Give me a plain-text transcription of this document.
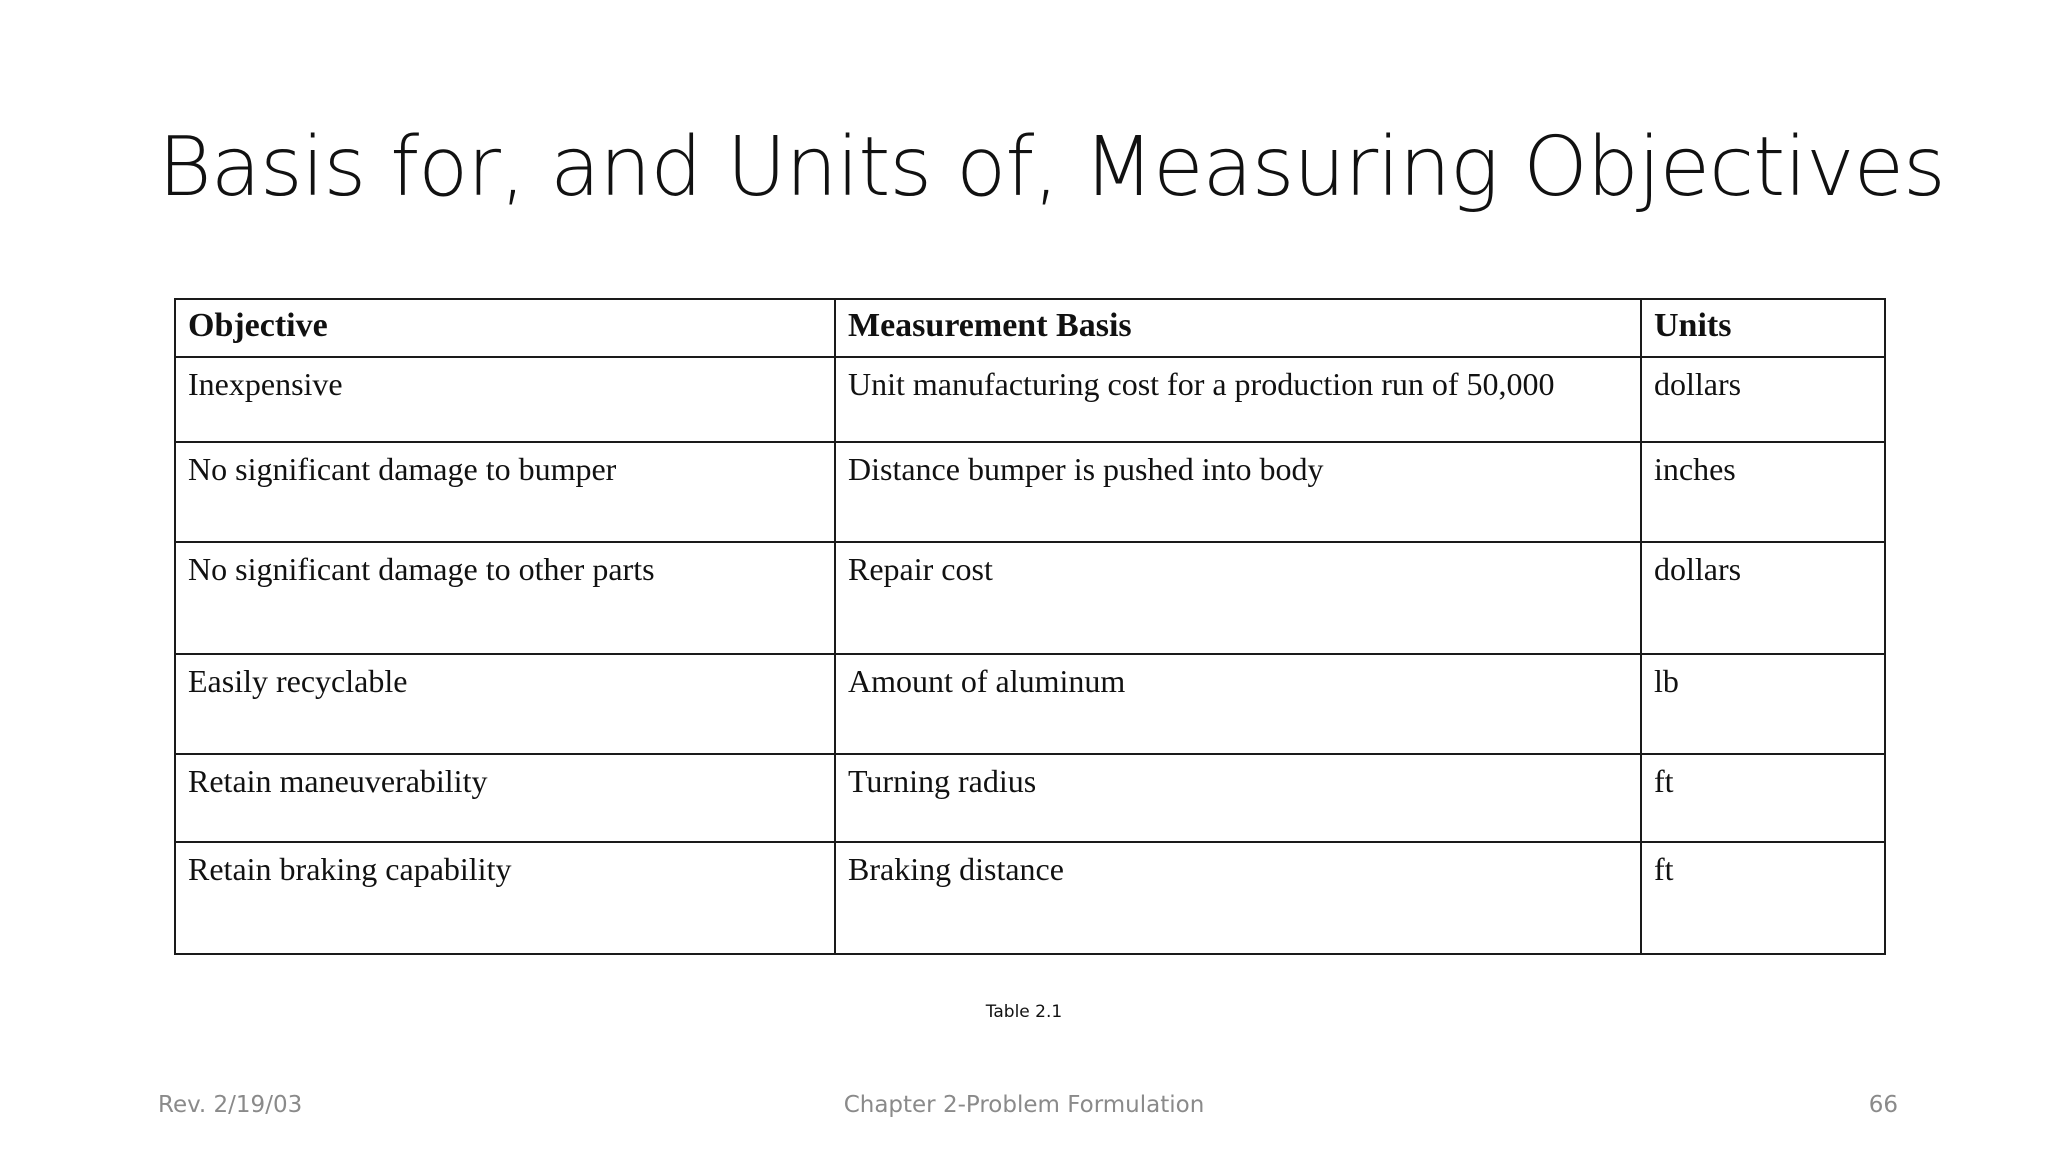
Basis for, and Units of, Measuring Objectives
Objective	Measurement Basis	Units
Inexpensive	Unit manufacturing cost for a production run of 50,000	dollars
No significant damage to bumper	Distance bumper is pushed into body	inches
No significant damage to other parts	Repair cost	dollars
Easily recyclable	Amount of aluminum	lb
Retain maneuverability	Turning radius	ft
Retain braking capability	Braking distance	ft
Table 2.1
Rev. 2/19/03	Chapter 2-Problem Formulation	66
